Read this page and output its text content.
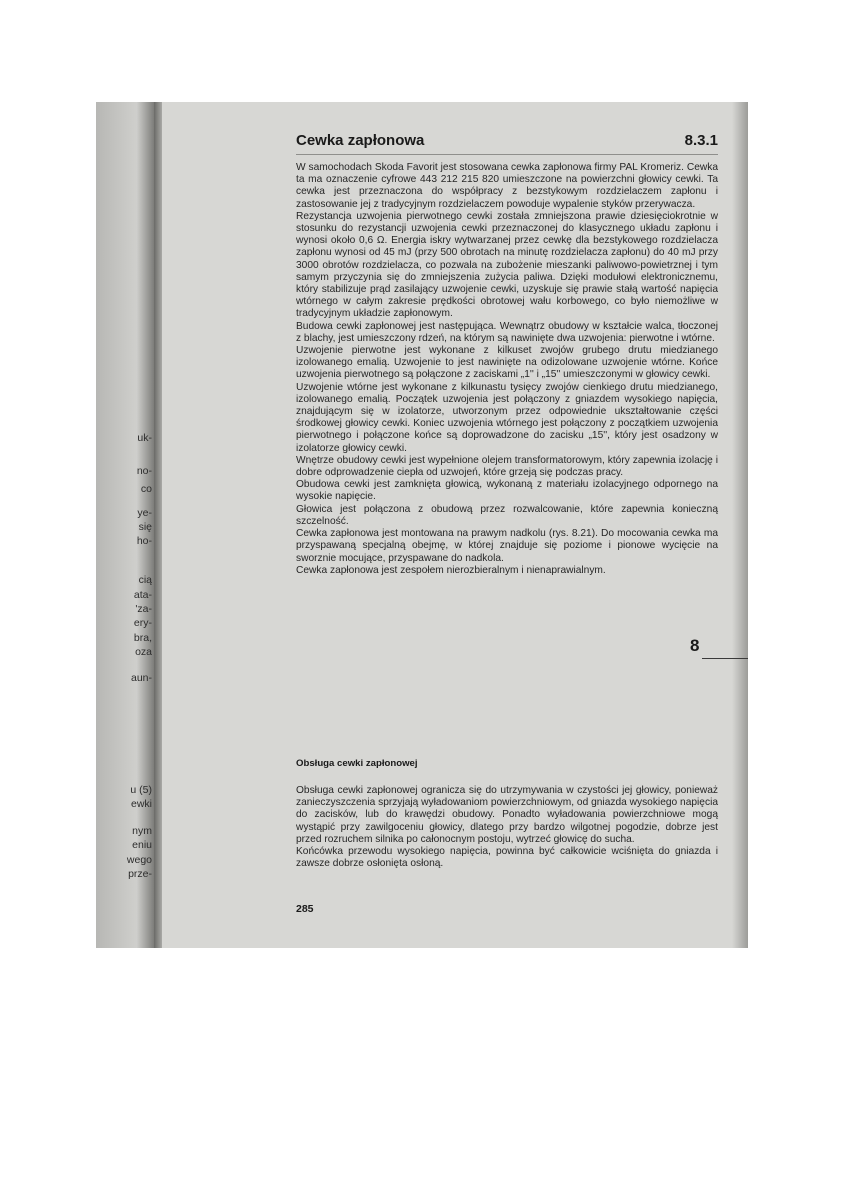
uk-
no-
co
ye-
się
ho-
cią
ata-
'za-
ery-
bra,
oza
aun-
u (5)
ewki
nym
eniu
wego
prze-
Cewka zapłonowa	8.3.1

W samochodach Skoda Favorit jest stosowana cewka zapłonowa firmy PAL Kromeriz. Cewka ta ma oznaczenie cyfrowe 443 212 215 820 umieszczone na powierzchni głowicy cewki. Ta cewka jest przeznaczona do współpracy z bezstykowym rozdzielaczem zapłonu i zastosowanie jej z tradycyjnym rozdzielaczem powoduje wypalenie styków przerywacza.

Rezystancja uzwojenia pierwotnego cewki została zmniejszona prawie dziesięciokrotnie w stosunku do rezystancji uzwojenia cewki przeznaczonej do klasycznego układu zapłonu i wynosi około 0,6 Ω. Energia iskry wytwarzanej przez cewkę dla bezstykowego rozdzielacza zapłonu wynosi od 45 mJ (przy 500 obrotach na minutę rozdzielacza zapłonu) do 40 mJ przy 3000 obrotów rozdzielacza, co pozwala na zubożenie mieszanki paliwowo-powietrznej i tym samym przyczynia się do zmniejszenia zużycia paliwa. Dzięki modułowi elektronicznemu, który stabilizuje prąd zasilający uzwojenie cewki, uzyskuje się prawie stałą wartość napięcia wtórnego w całym zakresie prędkości obrotowej wału korbowego, co było niemożliwe w tradycyjnym układzie zapłonowym.

Budowa cewki zapłonowej jest następująca. Wewnątrz obudowy w kształcie walca, tłoczonej z blachy, jest umieszczony rdzeń, na którym są nawinięte dwa uzwojenia: pierwotne i wtórne.

Uzwojenie pierwotne jest wykonane z kilkuset zwojów grubego drutu miedzianego izolowanego emalią. Uzwojenie to jest nawinięte na odizolowane uzwojenie wtórne. Końce uzwojenia pierwotnego są połączone z zaciskami „1'' i „15'' umieszczonymi w głowicy cewki.

Uzwojenie wtórne jest wykonane z kilkunastu tysięcy zwojów cienkiego drutu miedzianego, izolowanego emalią. Początek uzwojenia jest połączony z gniazdem wysokiego napięcia, znajdującym się w izolatorze, utworzonym przez odpowiednie ukształtowanie części środkowej głowicy cewki. Koniec uzwojenia wtórnego jest połączony z początkiem uzwojenia pierwotnego i połączone końce są doprowadzone do zacisku „15'', który jest osadzony w izolatorze głowicy cewki.

Wnętrze obudowy cewki jest wypełnione olejem transformatorowym, który zapewnia izolację i dobre odprowadzenie ciepła od uzwojeń, które grzeją się podczas pracy.

Obudowa cewki jest zamknięta głowicą, wykonaną z materiału izolacyjnego odpornego na wysokie napięcie.

Głowica jest połączona z obudową przez rozwalcowanie, które zapewnia konieczną szczelność.

Cewka zapłonowa jest montowana na prawym nadkolu (rys. 8.21). Do mocowania cewka ma przyspawaną specjalną obejmę, w której znajduje się poziome i pionowe wycięcie na sworznie mocujące, przyspawane do nadkola.

Cewka zapłonowa jest zespołem nierozbieralnym i nienaprawialnym.

Obsługa cewki zapłonowej

Obsługa cewki zapłonowej ogranicza się do utrzymywania w czystości jej głowicy, ponieważ zanieczyszczenia sprzyjają wyładowaniom powierzchniowym, od gniazda wysokiego napięcia do zacisków, lub do krawędzi obudowy. Ponadto wyładowania powierzchniowe mogą wystąpić przy zawilgoceniu głowicy, dlatego przy bardzo wilgotnej pogodzie, dobrze jest przed rozruchem silnika po całonocnym postoju, wytrzeć głowicę do sucha.

Końcówka przewodu wysokiego napięcia, powinna być całkowicie wciśnięta do gniazda i zawsze dobrze osłonięta osłoną.

285
8
